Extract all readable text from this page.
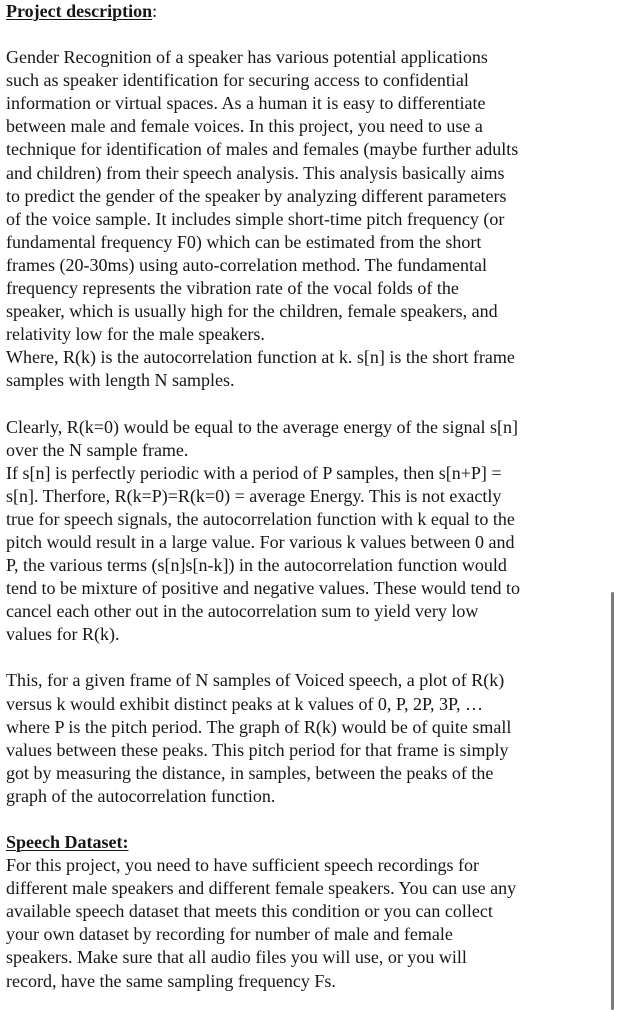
Project description:
Gender Recognition of a speaker has various potential applications
such as speaker identification for securing access to confidential
information or virtual spaces. As a human it is easy to differentiate
between male and female voices. In this project, you need to use a
technique for identification of males and females (maybe further adults
and children) from their speech analysis. This analysis basically aims
to predict the gender of the speaker by analyzing different parameters
of the voice sample. It includes simple short-time pitch frequency (or
fundamental frequency F0) which can be estimated from the short
frames (20-30ms) using auto-correlation method. The fundamental
frequency represents the vibration rate of the vocal folds of the
speaker, which is usually high for the children, female speakers, and
relativity low for the male speakers.
Where, R(k) is the autocorrelation function at k. s[n] is the short frame
samples with length N samples.
Clearly, R(k=0) would be equal to the average energy of the signal s[n]
over the N sample frame.
If s[n] is perfectly periodic with a period of P samples, then s[n+P] =
s[n]. Therfore, R(k=P)=R(k=0) = average Energy. This is not exactly
true for speech signals, the autocorrelation function with k equal to the
pitch would result in a large value. For various k values between 0 and
P, the various terms (s[n]s[n-k]) in the autocorrelation function would
tend to be mixture of positive and negative values. These would tend to
cancel each other out in the autocorrelation sum to yield very low
values for R(k).
This, for a given frame of N samples of Voiced speech, a plot of R(k)
versus k would exhibit distinct peaks at k values of 0, P, 2P, 3P, …
where P is the pitch period. The graph of R(k) would be of quite small
values between these peaks. This pitch period for that frame is simply
got by measuring the distance, in samples, between the peaks of the
graph of the autocorrelation function.
Speech Dataset:
For this project, you need to have sufficient speech recordings for
different male speakers and different female speakers. You can use any
available speech dataset that meets this condition or you can collect
your own dataset by recording for number of male and female
speakers. Make sure that all audio files you will use, or you will
record, have the same sampling frequency Fs.
